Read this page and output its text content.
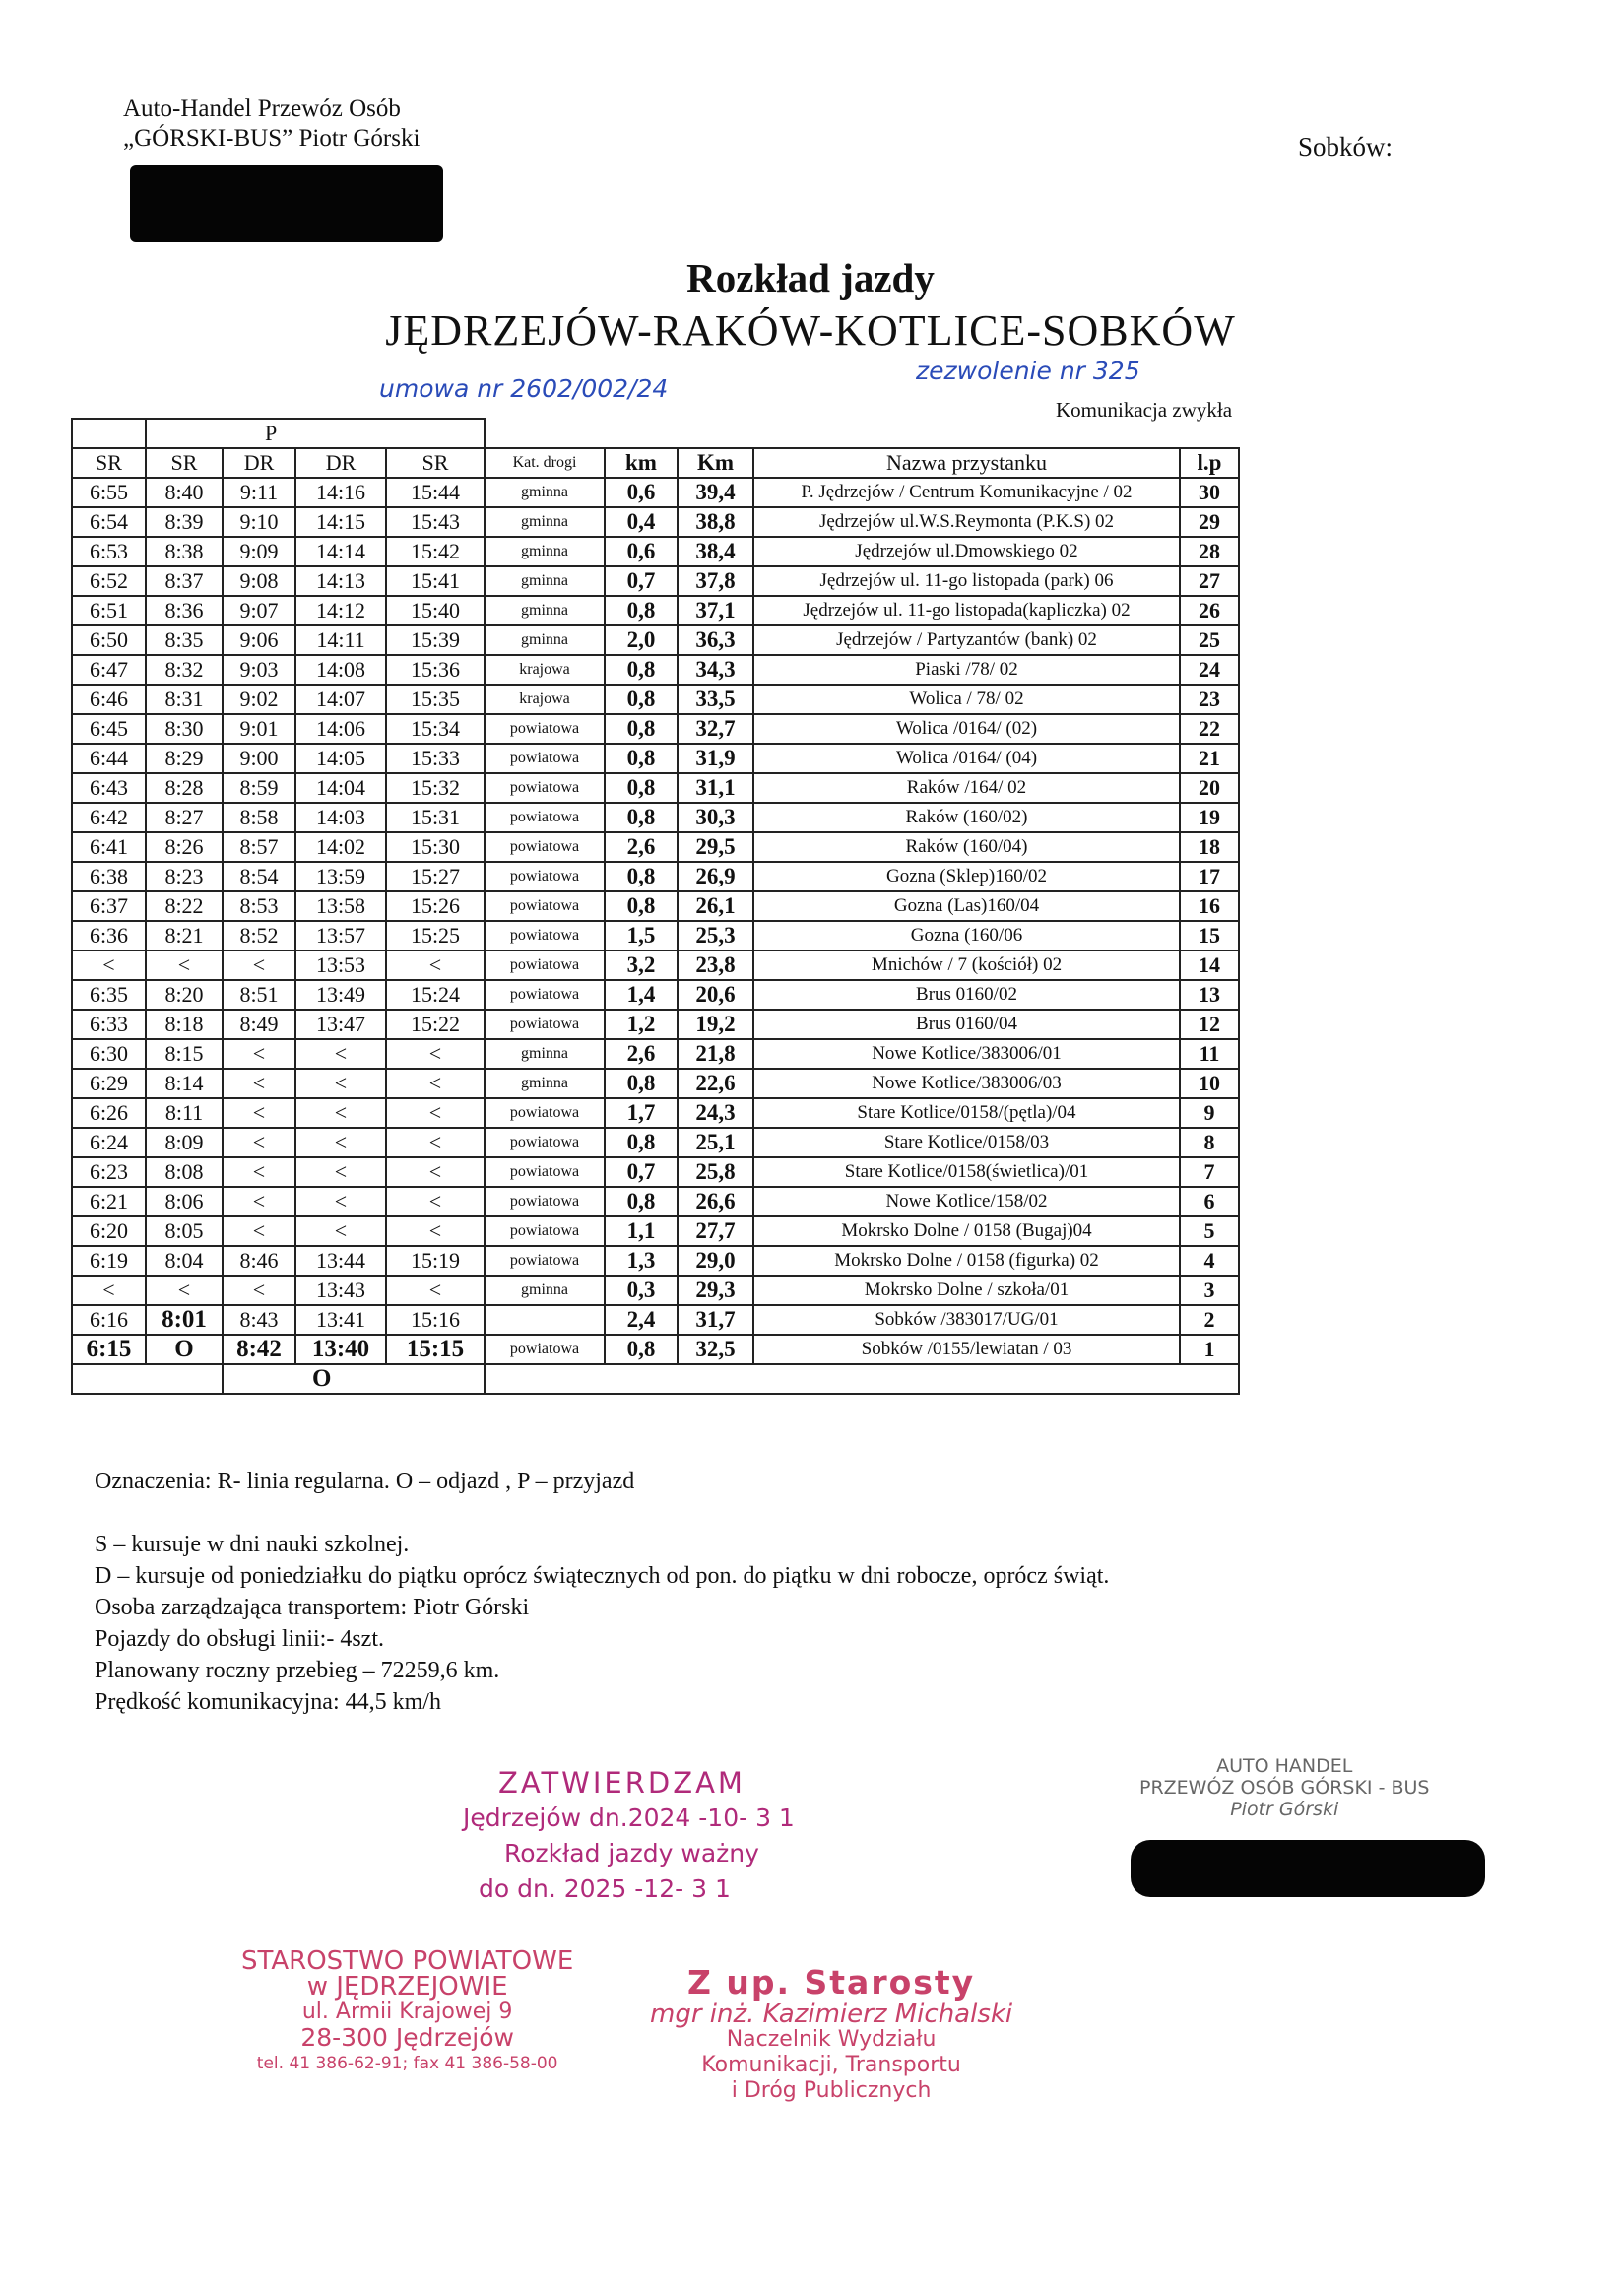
Auto-Handel Przewóz Osób
„GÓRSKI-BUS” Piotr Górski	Sobków:
Rozkład jazdy
JĘDRZEJÓW-RAKÓW-KOTLICE-SOBKÓW
zezwolenie nr 325
umowa nr 2602/002/24
Komunikacja zwykła
	P								
SR	SR	DR	DR	SR	Kat. drogi	km	Km	Nazwa przystanku	l.p
6:55	8:40	9:11	14:16	15:44	gminna	0,6	39,4	P. Jędrzejów / Centrum Komunikacyjne / 02	30
6:54	8:39	9:10	14:15	15:43	gminna	0,4	38,8	Jędrzejów ul.W.S.Reymonta (P.K.S) 02	29
6:53	8:38	9:09	14:14	15:42	gminna	0,6	38,4	Jędrzejów ul.Dmowskiego 02	28
6:52	8:37	9:08	14:13	15:41	gminna	0,7	37,8	Jędrzejów ul. 11-go listopada (park) 06	27
6:51	8:36	9:07	14:12	15:40	gminna	0,8	37,1	Jędrzejów ul. 11-go listopada(kapliczka) 02	26
6:50	8:35	9:06	14:11	15:39	gminna	2,0	36,3	Jędrzejów / Partyzantów (bank) 02	25
6:47	8:32	9:03	14:08	15:36	krajowa	0,8	34,3	Piaski /78/ 02	24
6:46	8:31	9:02	14:07	15:35	krajowa	0,8	33,5	Wolica / 78/ 02	23
6:45	8:30	9:01	14:06	15:34	powiatowa	0,8	32,7	Wolica /0164/ (02)	22
6:44	8:29	9:00	14:05	15:33	powiatowa	0,8	31,9	Wolica /0164/ (04)	21
6:43	8:28	8:59	14:04	15:32	powiatowa	0,8	31,1	Raków /164/ 02	20
6:42	8:27	8:58	14:03	15:31	powiatowa	0,8	30,3	Raków (160/02)	19
6:41	8:26	8:57	14:02	15:30	powiatowa	2,6	29,5	Raków (160/04)	18
6:38	8:23	8:54	13:59	15:27	powiatowa	0,8	26,9	Gozna (Sklep)160/02	17
6:37	8:22	8:53	13:58	15:26	powiatowa	0,8	26,1	Gozna (Las)160/04	16
6:36	8:21	8:52	13:57	15:25	powiatowa	1,5	25,3	Gozna (160/06	15
<	<	<	13:53	<	powiatowa	3,2	23,8	Mnichów / 7 (kościół) 02	14
6:35	8:20	8:51	13:49	15:24	powiatowa	1,4	20,6	Brus 0160/02	13
6:33	8:18	8:49	13:47	15:22	powiatowa	1,2	19,2	Brus 0160/04	12
6:30	8:15	<	<	<	gminna	2,6	21,8	Nowe Kotlice/383006/01	11
6:29	8:14	<	<	<	gminna	0,8	22,6	Nowe Kotlice/383006/03	10
6:26	8:11	<	<	<	powiatowa	1,7	24,3	Stare Kotlice/0158/(pętla)/04	9
6:24	8:09	<	<	<	powiatowa	0,8	25,1	Stare Kotlice/0158/03	8
6:23	8:08	<	<	<	powiatowa	0,7	25,8	Stare Kotlice/0158(świetlica)/01	7
6:21	8:06	<	<	<	powiatowa	0,8	26,6	Nowe Kotlice/158/02	6
6:20	8:05	<	<	<	powiatowa	1,1	27,7	Mokrsko Dolne / 0158 (Bugaj)04	5
6:19	8:04	8:46	13:44	15:19	powiatowa	1,3	29,0	Mokrsko Dolne / 0158 (figurka) 02	4
<	<	<	13:43	<	gminna	0,3	29,3	Mokrsko Dolne / szkoła/01	3
6:16	8:01	8:43	13:41	15:16		2,4	31,7	Sobków /383017/UG/01	2
6:15	O	8:42	13:40	15:15	powiatowa	0,8	32,5	Sobków /0155/lewiatan / 03	1
		O							
Oznaczenia: R- linia regularna. O – odjazd , P – przyjazd
S – kursuje w dni nauki szkolnej.
D – kursuje od poniedziałku do piątku oprócz świątecznych od pon. do piątku w dni robocze, oprócz świąt.
Osoba zarządzająca transportem: Piotr Górski
Pojazdy do obsługi linii:- 4szt.
Planowany roczny przebieg – 72259,6 km.
Prędkość komunikacyjna: 44,5 km/h
ZATWIERDZAM
Jędrzejów dn.2024 -10- 3 1
Rozkład jazdy ważny
do dn. 2025 -12- 3 1
AUTO HANDEL
PRZEWÓZ OSÓB GÓRSKI - BUS
Piotr Górski
STAROSTWO POWIATOWE
w JĘDRZEJOWIE
ul. Armii Krajowej 9
28-300 Jędrzejów
tel. 41 386-62-91; fax 41 386-58-00
Z up. Starosty
mgr inż. Kazimierz Michalski
Naczelnik Wydziału
Komunikacji, Transportu
i Dróg Publicznych
